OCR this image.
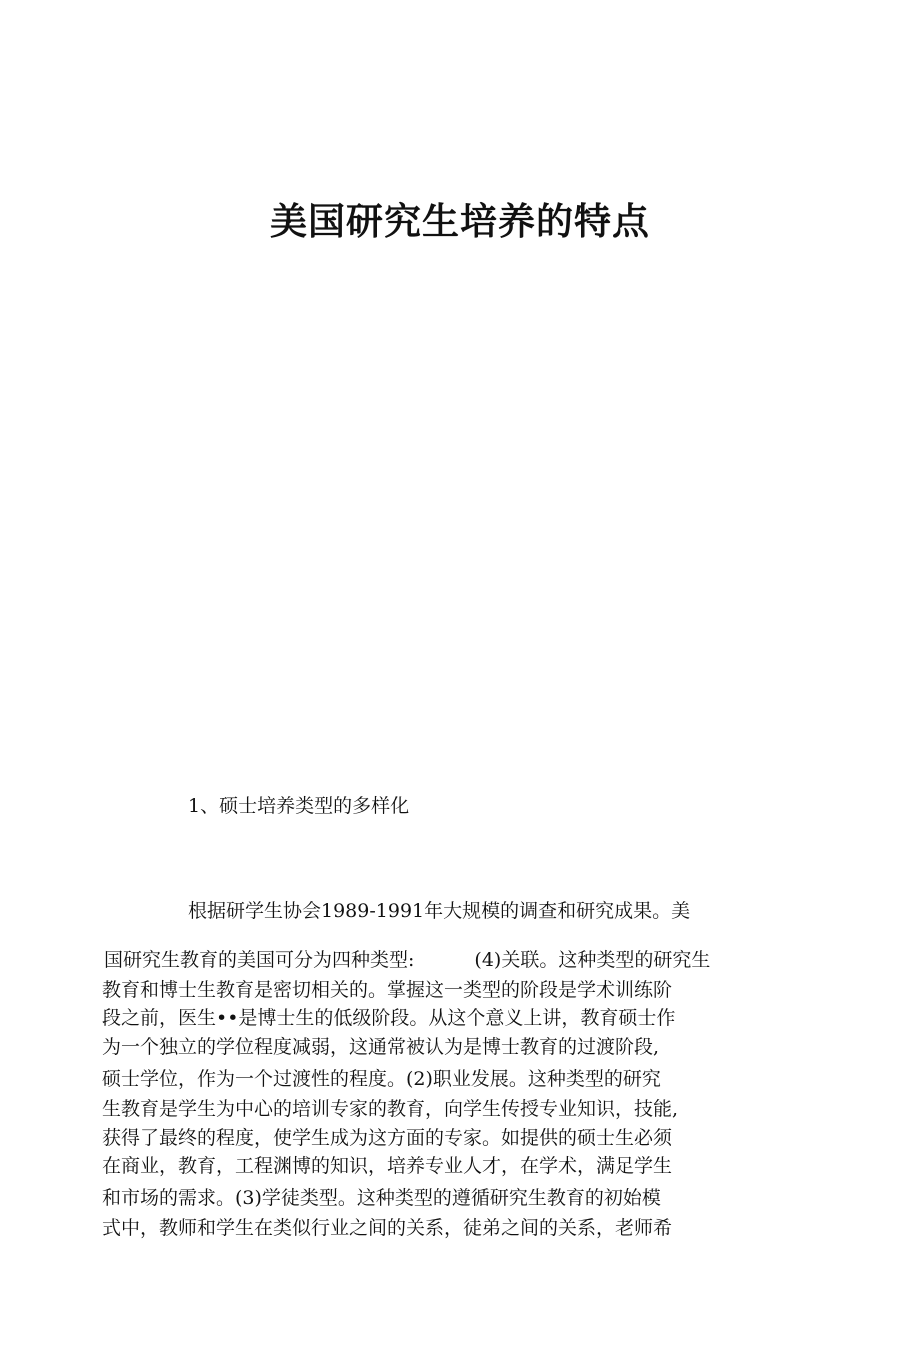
美国研究生培养的特点

1、硕士培养类型的多样化

根据研学生协会1989-1991年大规模的调查和研究成果。美

国研究生教育的美国可分为四种类型:	(4)关联。这种类型的研究生

教育和博士生教育是密切相关的。掌握这一类型的阶段是学术训练阶

段之前，医生••是博士生的低级阶段。从这个意义上讲，教育硕士作

为一个独立的学位程度减弱，这通常被认为是博士教育的过渡阶段,

硕士学位，作为一个过渡性的程度。(2)职业发展。这种类型的研究

生教育是学生为中心的培训专家的教育，向学生传授专业知识，技能,

获得了最终的程度，使学生成为这方面的专家。如提供的硕士生必须

在商业，教育，工程渊博的知识，培养专业人才，在学术，满足学生

和市场的需求。(3)学徒类型。这种类型的遵循研究生教育的初始模

式中，教师和学生在类似行业之间的关系，徒弟之间的关系，老师希
